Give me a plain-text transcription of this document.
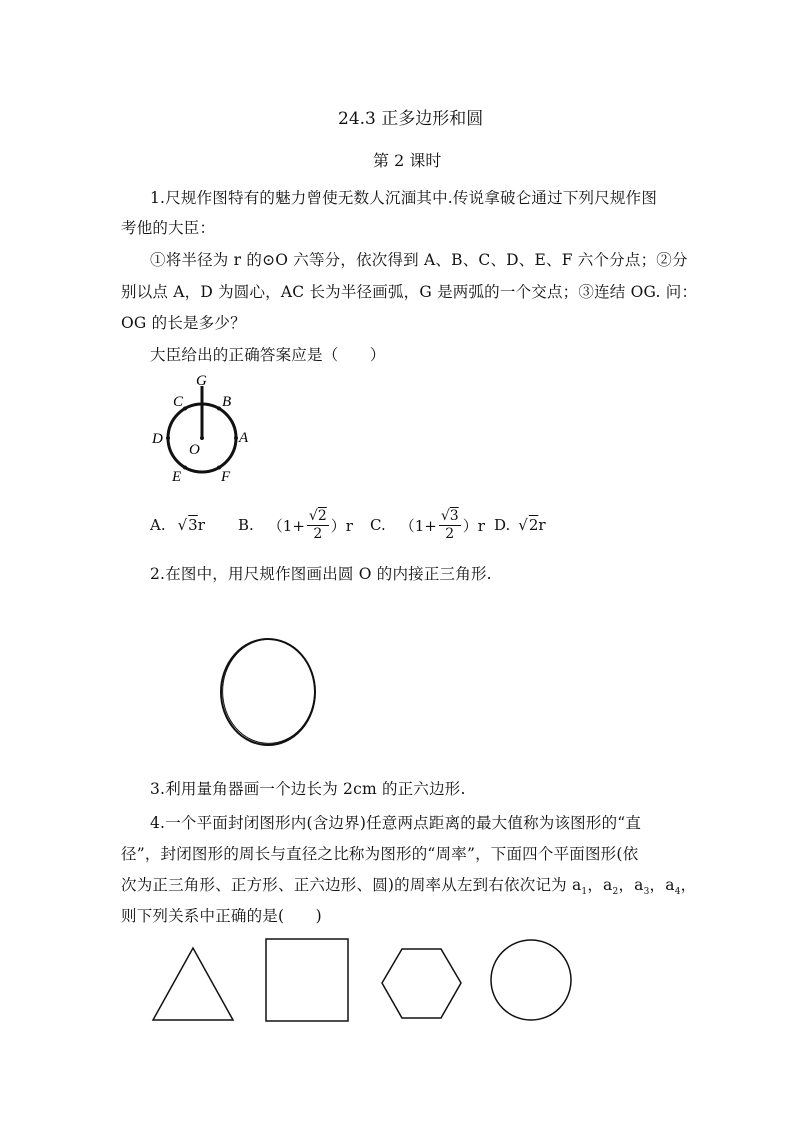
24.3 正多边形和圆
第 2 课时
1.尺规作图特有的魅力曾使无数人沉湎其中.传说拿破仑通过下列尺规作图
考他的大臣：
①将半径为 r 的⊙O 六等分，依次得到 A、B、C、D、E、F 六个分点；②分
别以点 A，D 为圆心，AC 长为半径画弧，G 是两弧的一个交点；③连结 OG. 问：
OG 的长是多少？
大臣给出的正确答案应是（　　）
G
C	B
D	A
O
E	F
A. √3 r B. $(1+ \frac{√2}{2} )r$ C. $(1+ \frac{√3}{2} )r$ D. √2 r
2.在图中，用尺规作图画出圆 O 的内接正三角形.
3.利用量角器画一个边长为 2cm 的正六边形.
4.一个平面封闭图形内(含边界)任意两点距离的最大值称为该图形的“直
径”，封闭图形的周长与直径之比称为图形的“周率”，下面四个平面图形(依
次为正三角形、正方形、正六边形、圆)的周率从左到右依次记为 $a_1$，$a_2$，$a_3$，$a_4$，
则下列关系中正确的是(　　)
